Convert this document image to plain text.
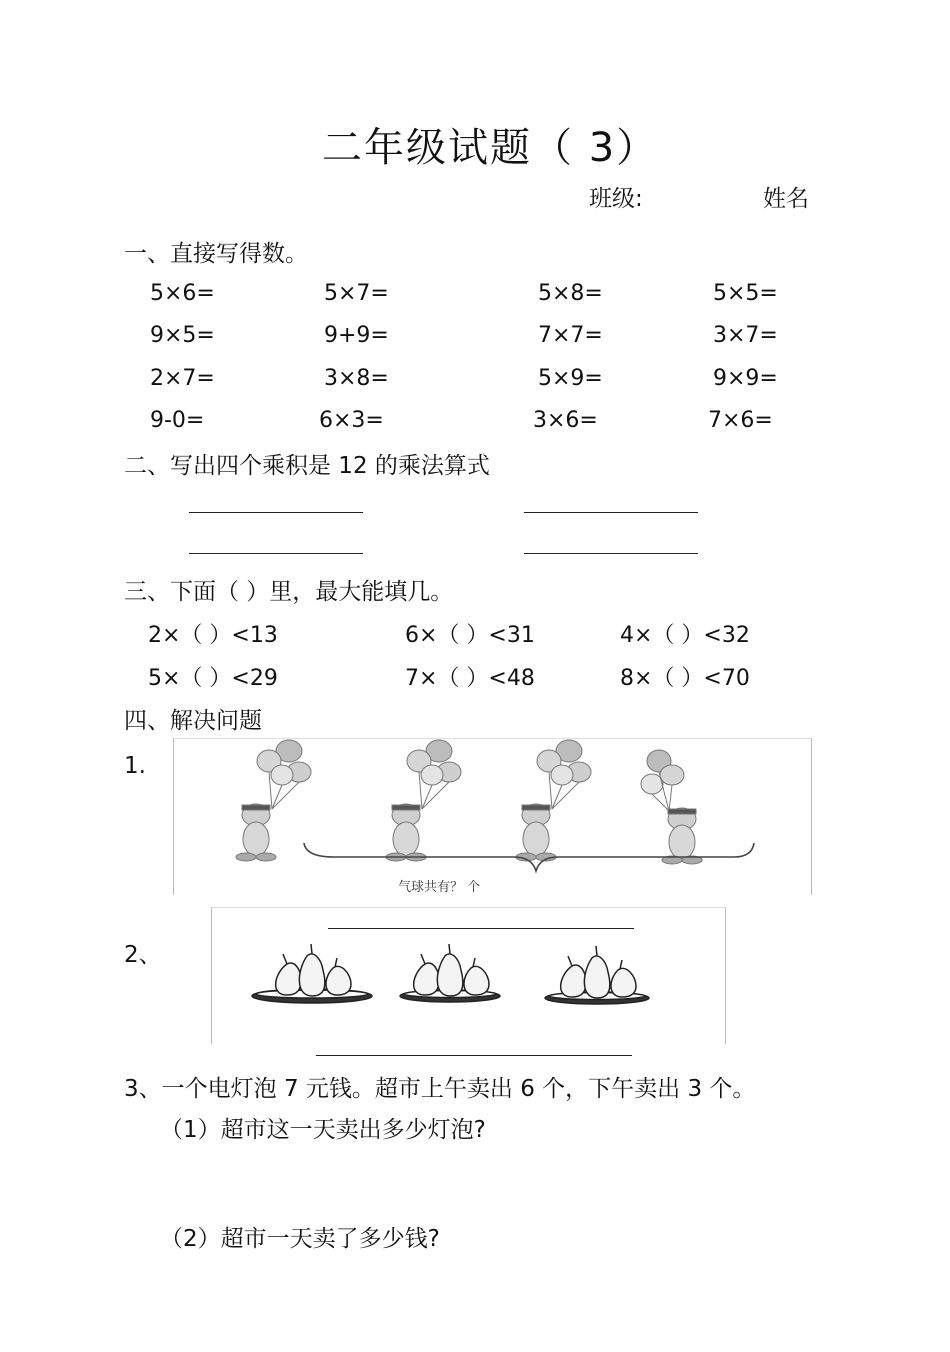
二年级试题（ 3）
班级:	姓名
一、直接写得数。
5×6=	5×7=	5×8=	5×5=
9×5=	9+9=	7×7=	3×7=
2×7=	3×8=	5×9=	9×9=
9-0=	6×3=	3×6=	7×6=
二、写出四个乘积是 12 的乘法算式
三、下面（ ）里，最大能填几。
2×（ ）<13	6×（ ）<31	4×（ ）<32
5×（ ）<29	7×（ ）<48	8×（ ）<70
四、解决问题
1.
气球共有？ 个
2、
3、一个电灯泡 7 元钱。超市上午卖出 6 个，下午卖出 3 个。
（1）超市这一天卖出多少灯泡?
（2）超市一天卖了多少钱?
